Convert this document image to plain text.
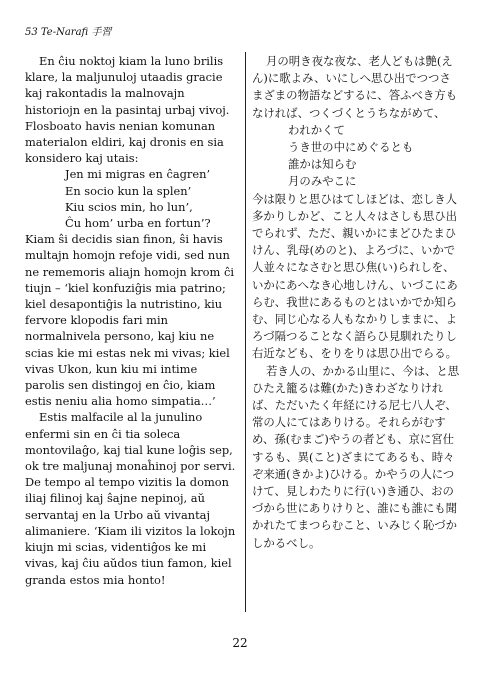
53 Te-Narafi 手習

En ĉiu noktoj kiam la luno brilis klare, la maljunuloj utaadis gracie kaj rakontadis la malnovajn historiojn en la pasintaj urbaj vivoj. Flosboato havis nenian komunan materialon eldiri, kaj dronis en sia konsidero kaj utais:

Jen mi migras en ĉagren’

En socio kun la splen’

Kiu scios min, ho lun’,

Ĉu hom’ urba en fortun’?

Kiam ŝi decidis sian finon, ŝi havis multajn homojn refoje vidi, sed nun ne rememoris aliajn homojn krom ĉi tiujn – ‘kiel konfuziĝis mia patrino; kiel desapontiĝis la nutristino, kiu fervore klopodis fari min normalnivela persono, kaj kiu ne scias kie mi estas nek mi vivas; kiel vivas Ukon, kun kiu mi intime parolis sen distingoj en ĉio, kiam estis neniu alia homo simpatia…’

Estis malfacile al la junulino enfermi sin en ĉi tia soleca montovilaĝo, kaj tial kune loĝis sep, ok tre maljunaj monaĥinoj por servi. De tempo al tempo vizitis la domon iliaj filinoj kaj ŝajne nepinoj, aŭ servantaj en la Urbo aŭ vivantaj alimaniere. ‘Kiam ili vizitos la lokojn kiujn mi scias, videntiĝos ke mi vivas, kaj ĉiu aŭdos tiun famon, kiel granda estos mia honto!

月の明き夜な夜な、老人どもは艶(えん)に歌よみ、いにしへ思ひ出でつつさまざまの物語などするに、答ふべき方もなければ、つくづくとうちながめて、

われかくて

うき世の中にめぐるとも

誰かは知らむ

月のみやこに

今は限りと思ひはてしほどは、恋しき人多かりしかど、こと人々はさしも思ひ出でられず、ただ、親いかにまどひたまひけん、乳母(めのと)、よろづに、いかで人並々になさむと思ひ焦(い)られしを、いかにあへなき心地しけん、いづこにあらむ、我世にあるものとはいかでか知らむ、同じ心なる人もなかりしままに、よろづ隔つることなく語らひ見馴れたりし右近なども、をりをりは思ひ出でらる。

若き人の、かかる山里に、今は、と思ひたえ籠るは難(かた)きわざなりければ、ただいたく年経にける尼七八人ぞ、常の人にてはありける。それらがむすめ、孫(むまご)やうの者ども、京に宮仕するも、異(こと)ざまにてあるも、時々ぞ来通(きかよ)ひける。かやうの人につけて、見しわたりに行(い)き通ひ、おのづから世にありけりと、誰にも誰にも聞かれたてまつらむこと、いみじく恥づかしかるべし。

22
